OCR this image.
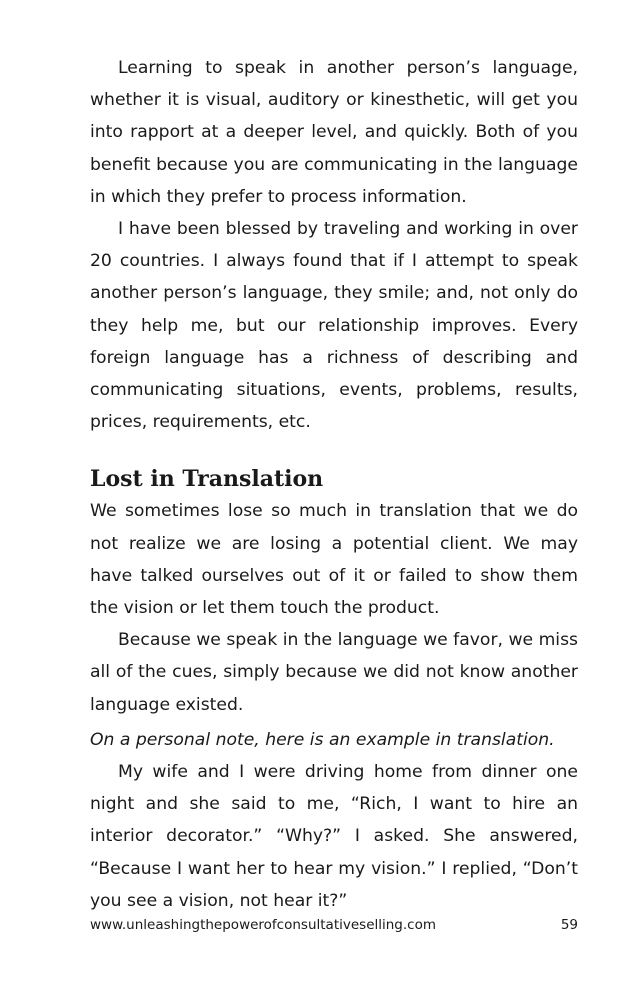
Learning to speak in another person’s language, whether it is visual, auditory or kinesthetic, will get you into rapport at a deeper level, and quickly. Both of you benefit because you are communicating in the language in which they prefer to process information.

I have been blessed by traveling and working in over 20 countries. I always found that if I attempt to speak another person’s language, they smile; and, not only do they help me, but our relationship improves. Every foreign language has a richness of describing and communicating situations, events, problems, results, prices, requirements, etc.

Lost in Translation

We sometimes lose so much in translation that we do not realize we are losing a potential client. We may have talked ourselves out of it or failed to show them the vision or let them touch the product.

Because we speak in the language we favor, we miss all of the cues, simply because we did not know another language existed.

On a personal note, here is an example in translation.

My wife and I were driving home from dinner one night and she said to me, “Rich, I want to hire an interior decorator.” “Why?” I asked. She answered, “Because I want her to hear my vision.” I replied, “Don’t you see a vision, not hear it?”

www.unleashingthepowerofconsultativeselling.com	59
